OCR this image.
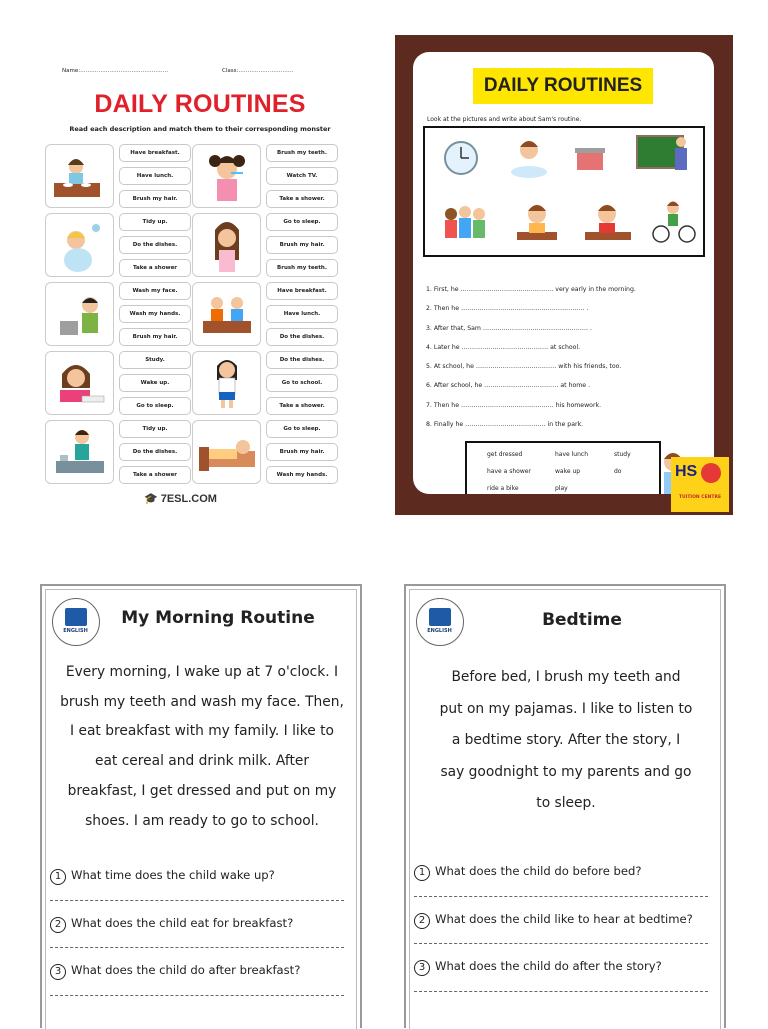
Name:…………………………………………	Class:…………………………
DAILY ROUTINES
Read each description and match them to their corresponding monster
Have breakfast.
Have lunch.
Brush my hair.
Brush my teeth.
Watch TV.
Take a shower.
Tidy up.
Do the dishes.
Take a shower
Go to sleep.
Brush my hair.
Brush my teeth.
Wash my face.
Wash my hands.
Brush my hair.
Have breakfast.
Have lunch.
Do the dishes.
Study.
Wake up.
Go to sleep.
Do the dishes.
Go to school.
Take a shower.
Tidy up.
Do the dishes.
Take a shower
Go to sleep.
Brush my hair.
Wash my hands.
🎓 7ESL.COM
DAILY ROUTINES
Look at the pictures and write about Sam's routine.
1. First, he ……………………………………… very early in the morning.
2. Then he …………………………………………………… .
3. After that, Sam …………………………………………… .
4. Later he …………………………………… at school.
5. At school, he ………………………………… with his friends, too.
6. After school, he ……………………………… at home .
7. Then he ……………………………………… his homework.
8. Finally he ………………………………… in the park.
get dressed	have lunch	study
have a shower	wake up	do
ride a bike	play
HS
TUITION CENTRE
ENGLISH
My Morning Routine
Every morning, I wake up at 7 o'clock. I
brush my teeth and wash my face. Then,
I eat breakfast with my family. I like to
eat cereal and drink milk. After
breakfast, I get dressed and put on my
shoes. I am ready to go to school.
1 What time does the child wake up?
2 What does the child eat for breakfast?
3 What does the child do after breakfast?
ENGLISH
Bedtime
Before bed, I brush my teeth and
put on my pajamas. I like to listen to
a bedtime story. After the story, I
say goodnight to my parents and go
to sleep.
1 What does the child do before bed?
2 What does the child like to hear at bedtime?
3 What does the child do after the story?
